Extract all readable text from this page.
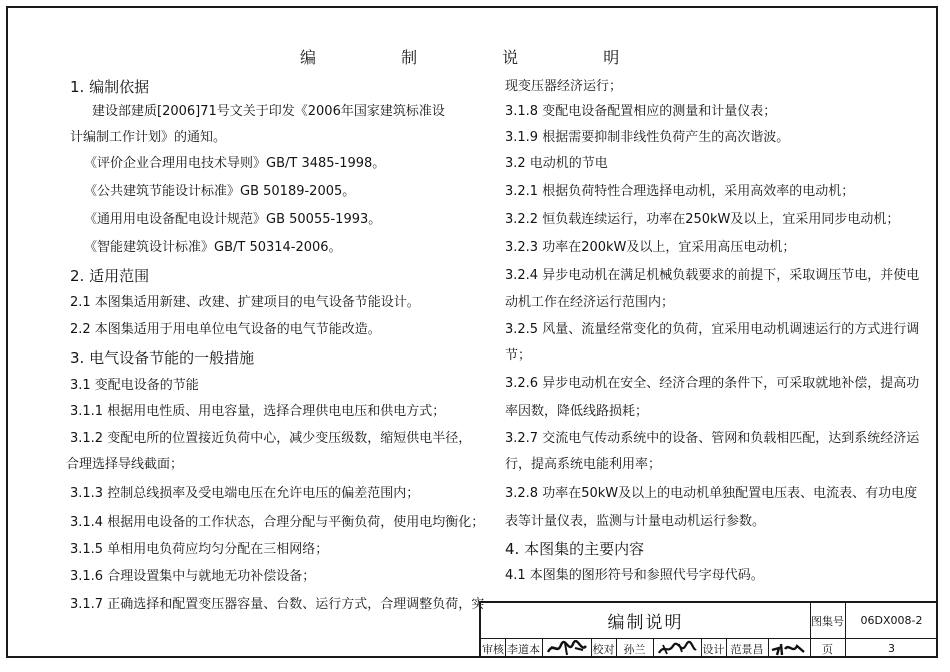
编 制 说 明
1. 编制依据
建设部建质[2006]71号文关于印发《2006年国家建筑标准设
计编制工作计划》的通知。
《评价企业合理用电技术导则》GB/T 3485-1998。
《公共建筑节能设计标准》GB 50189-2005。
《通用用电设备配电设计规范》GB 50055-1993。
《智能建筑设计标准》GB/T 50314-2006。
2. 适用范围
2.1 本图集适用新建、改建、扩建项目的电气设备节能设计。
2.2 本图集适用于用电单位电气设备的电气节能改造。
3. 电气设备节能的一般措施
3.1 变配电设备的节能
3.1.1 根据用电性质、用电容量，选择合理供电电压和供电方式；
3.1.2 变配电所的位置接近负荷中心，减少变压级数，缩短供电半径，
合理选择导线截面；
3.1.3 控制总线损率及受电端电压在允许电压的偏差范围内；
3.1.4 根据用电设备的工作状态，合理分配与平衡负荷，使用电均衡化；
3.1.5 单相用电负荷应均匀分配在三相网络；
3.1.6 合理设置集中与就地无功补偿设备；
3.1.7 正确选择和配置变压器容量、台数、运行方式，合理调整负荷，实
现变压器经济运行；
3.1.8 变配电设备配置相应的测量和计量仪表；
3.1.9 根据需要抑制非线性负荷产生的高次谐波。
3.2 电动机的节电
3.2.1 根据负荷特性合理选择电动机，采用高效率的电动机；
3.2.2 恒负载连续运行，功率在250kW及以上，宜采用同步电动机；
3.2.3 功率在200kW及以上，宜采用高压电动机；
3.2.4 异步电动机在满足机械负载要求的前提下，采取调压节电，并使电
动机工作在经济运行范围内；
3.2.5 风量、流量经常变化的负荷，宜采用电动机调速运行的方式进行调
节；
3.2.6 异步电动机在安全、经济合理的条件下，可采取就地补偿，提高功
率因数，降低线路损耗；
3.2.7 交流电气传动系统中的设备、管网和负载相匹配，达到系统经济运
行，提高系统电能利用率；
3.2.8 功率在50kW及以上的电动机单独配置电压表、电流表、有功电度
表等计量仪表，监测与计量电动机运行参数。
4. 本图集的主要内容
4.1 本图集的图形符号和参照代号字母代码。
编制说明	图集号	06DX008-2
审核 李道本	校对 孙兰	设计 范景昌	页	3
